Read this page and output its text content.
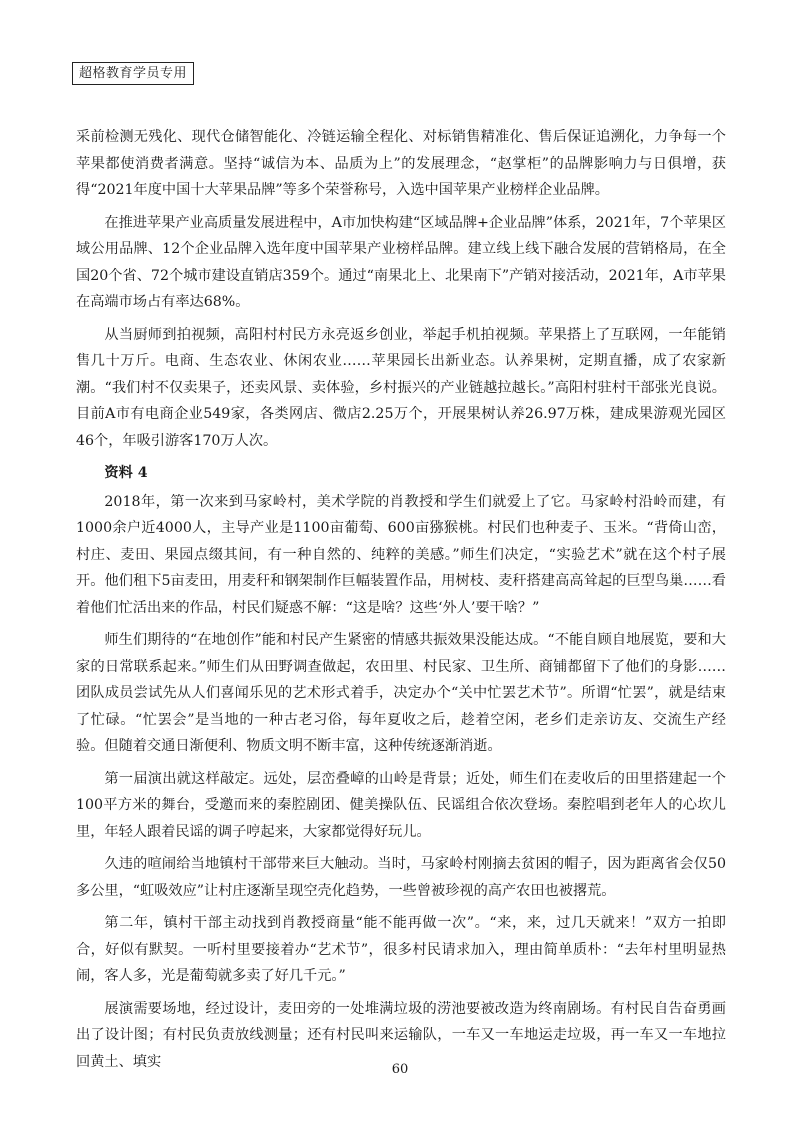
超格教育学员专用

采前检测无残化、现代仓储智能化、冷链运输全程化、对标销售精准化、售后保证追溯化，力争每一个苹果都使消费者满意。坚持“诚信为本、品质为上”的发展理念，“赵掌柜”的品牌影响力与日俱增，获得“2021年度中国十大苹果品牌”等多个荣誉称号，入选中国苹果产业榜样企业品牌。

在推进苹果产业高质量发展进程中，A市加快构建“区域品牌+企业品牌”体系，2021年，7个苹果区域公用品牌、12个企业品牌入选年度中国苹果产业榜样品牌。建立线上线下融合发展的营销格局，在全国20个省、72个城市建设直销店359个。通过“南果北上、北果南下”产销对接活动，2021年，A市苹果在高端市场占有率达68%。

从当厨师到拍视频，高阳村村民方永亮返乡创业，举起手机拍视频。苹果搭上了互联网，一年能销售几十万斤。电商、生态农业、休闲农业……苹果园长出新业态。认养果树，定期直播，成了农家新潮。“我们村不仅卖果子，还卖风景、卖体验，乡村振兴的产业链越拉越长。”高阳村驻村干部张光良说。目前A市有电商企业549家，各类网店、微店2.25万个，开展果树认养26.97万株，建成果游观光园区46个，年吸引游客170万人次。

资料 4

2018年，第一次来到马家岭村，美术学院的肖教授和学生们就爱上了它。马家岭村沿岭而建，有1000余户近4000人，主导产业是1100亩葡萄、600亩猕猴桃。村民们也种麦子、玉米。“背倚山峦，村庄、麦田、果园点缀其间，有一种自然的、纯粹的美感。”师生们决定，“实验艺术”就在这个村子展开。他们租下5亩麦田，用麦秆和钢架制作巨幅装置作品，用树枝、麦秆搭建高高耸起的巨型鸟巢……看着他们忙活出来的作品，村民们疑惑不解：“这是啥？这些‘外人’要干啥？”

师生们期待的“在地创作”能和村民产生紧密的情感共振效果没能达成。“不能自顾自地展览，要和大家的日常联系起来。”师生们从田野调查做起，农田里、村民家、卫生所、商铺都留下了他们的身影……团队成员尝试先从人们喜闻乐见的艺术形式着手，决定办个“关中忙罢艺术节”。所谓“忙罢”，就是结束了忙碌。“忙罢会”是当地的一种古老习俗，每年夏收之后，趁着空闲，老乡们走亲访友、交流生产经验。但随着交通日渐便利、物质文明不断丰富，这种传统逐渐消逝。

第一届演出就这样敲定。远处，层峦叠嶂的山岭是背景；近处，师生们在麦收后的田里搭建起一个100平方米的舞台，受邀而来的秦腔剧团、健美操队伍、民谣组合依次登场。秦腔唱到老年人的心坎儿里，年轻人跟着民谣的调子哼起来，大家都觉得好玩儿。

久违的喧闹给当地镇村干部带来巨大触动。当时，马家岭村刚摘去贫困的帽子，因为距离省会仅50多公里，“虹吸效应”让村庄逐渐呈现空壳化趋势，一些曾被珍视的高产农田也被撂荒。

第二年，镇村干部主动找到肖教授商量“能不能再做一次”。“来，来，过几天就来！”双方一拍即合，好似有默契。一听村里要接着办“艺术节”，很多村民请求加入，理由简单质朴：“去年村里明显热闹，客人多，光是葡萄就多卖了好几千元。”

展演需要场地，经过设计，麦田旁的一处堆满垃圾的涝池要被改造为终南剧场。有村民自告奋勇画出了设计图；有村民负责放线测量；还有村民叫来运输队，一车又一车地运走垃圾，再一车又一车地拉回黄土、填实	60
